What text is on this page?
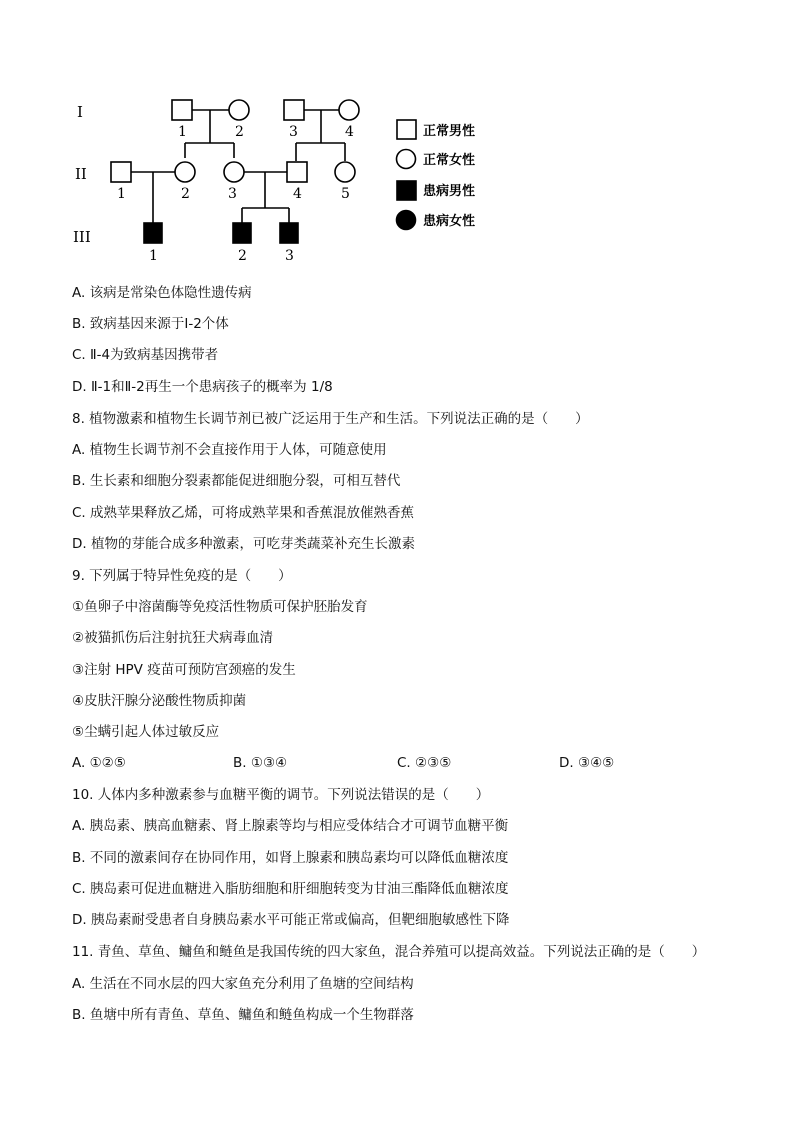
I
II
III
1	2	3	4
1	2	3	4	5
1	2	3
正常男性
正常女性
患病男性
患病女性
A. 该病是常染色体隐性遗传病
B. 致病基因来源于Ⅰ-2个体
C. Ⅱ-4为致病基因携带者
D. Ⅱ-1和Ⅱ-2再生一个患病孩子的概率为 1/8
8. 植物激素和植物生长调节剂已被广泛运用于生产和生活。下列说法正确的是（　　）
A. 植物生长调节剂不会直接作用于人体，可随意使用
B. 生长素和细胞分裂素都能促进细胞分裂，可相互替代
C. 成熟苹果释放乙烯，可将成熟苹果和香蕉混放催熟香蕉
D. 植物的芽能合成多种激素，可吃芽类蔬菜补充生长激素
9. 下列属于特异性免疫的是（　　）
①鱼卵子中溶菌酶等免疫活性物质可保护胚胎发育
②被猫抓伤后注射抗狂犬病毒血清
③注射 HPV 疫苗可预防宫颈癌的发生
④皮肤汗腺分泌酸性物质抑菌
⑤尘螨引起人体过敏反应
A. ①②⑤	B. ①③④	C. ②③⑤	D. ③④⑤
10. 人体内多种激素参与血糖平衡的调节。下列说法错误的是（　　）
A. 胰岛素、胰高血糖素、肾上腺素等均与相应受体结合才可调节血糖平衡
B. 不同的激素间存在协同作用，如肾上腺素和胰岛素均可以降低血糖浓度
C. 胰岛素可促进血糖进入脂肪细胞和肝细胞转变为甘油三酯降低血糖浓度
D. 胰岛素耐受患者自身胰岛素水平可能正常或偏高，但靶细胞敏感性下降
11. 青鱼、草鱼、鳙鱼和鲢鱼是我国传统的四大家鱼，混合养殖可以提高效益。下列说法正确的是（　　）
A. 生活在不同水层的四大家鱼充分利用了鱼塘的空间结构
B. 鱼塘中所有青鱼、草鱼、鳙鱼和鲢鱼构成一个生物群落
